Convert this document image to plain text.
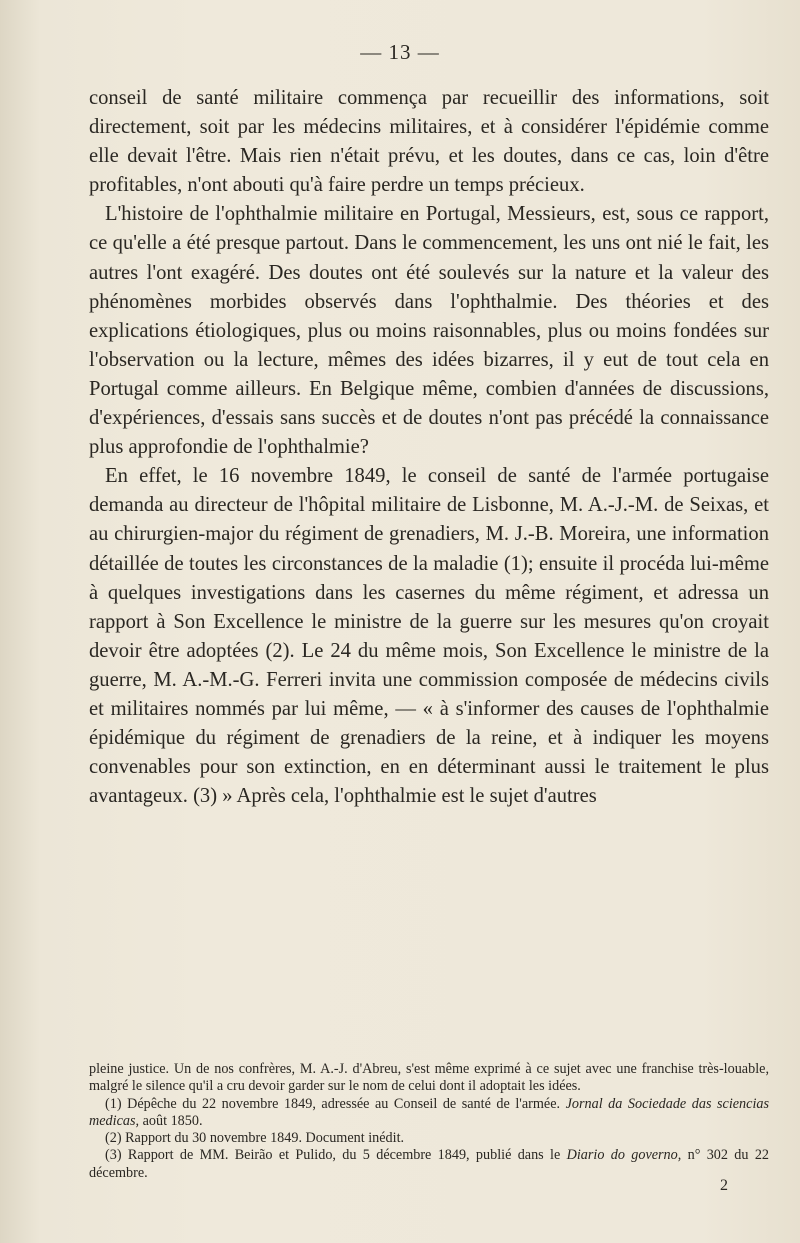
— 13 —

conseil de santé militaire commença par recueillir des informations, soit directement, soit par les médecins militaires, et à considérer l'épidémie comme elle devait l'être. Mais rien n'était prévu, et les doutes, dans ce cas, loin d'être profitables, n'ont abouti qu'à faire perdre un temps précieux.

L'histoire de l'ophthalmie militaire en Portugal, Messieurs, est, sous ce rapport, ce qu'elle a été presque partout. Dans le commencement, les uns ont nié le fait, les autres l'ont exagéré. Des doutes ont été soulevés sur la nature et la valeur des phénomènes morbides observés dans l'ophthalmie. Des théories et des explications étiologiques, plus ou moins raisonnables, plus ou moins fondées sur l'observation ou la lecture, mêmes des idées bizarres, il y eut de tout cela en Portugal comme ailleurs. En Belgique même, combien d'années de discussions, d'expériences, d'essais sans succès et de doutes n'ont pas précédé la connaissance plus approfondie de l'ophthalmie?

En effet, le 16 novembre 1849, le conseil de santé de l'armée portugaise demanda au directeur de l'hôpital militaire de Lisbonne, M. A.-J.-M. de Seixas, et au chirurgien-major du régiment de grenadiers, M. J.-B. Moreira, une information détaillée de toutes les circonstances de la maladie (1); ensuite il procéda lui-même à quelques investigations dans les casernes du même régiment, et adressa un rapport à Son Excellence le ministre de la guerre sur les mesures qu'on croyait devoir être adoptées (2). Le 24 du même mois, Son Excellence le ministre de la guerre, M. A.-M.-G. Ferreri invita une commission composée de médecins civils et militaires nommés par lui même, — « à s'informer des causes de l'ophthalmie épidémique du régiment de grenadiers de la reine, et à indiquer les moyens convenables pour son extinction, en en déterminant aussi le traitement le plus avantageux. (3) » Après cela, l'ophthalmie est le sujet d'autres

pleine justice. Un de nos confrères, M. A.-J. d'Abreu, s'est même exprimé à ce sujet avec une franchise très-louable, malgré le silence qu'il a cru devoir garder sur le nom de celui dont il adoptait les idées.

(1) Dépêche du 22 novembre 1849, adressée au Conseil de santé de l'armée. Jornal da Sociedade das sciencias medicas, août 1850.

(2) Rapport du 30 novembre 1849. Document inédit.

(3) Rapport de MM. Beirão et Pulido, du 5 décembre 1849, publié dans le Diario do governo, n° 302 du 22 décembre.

2
